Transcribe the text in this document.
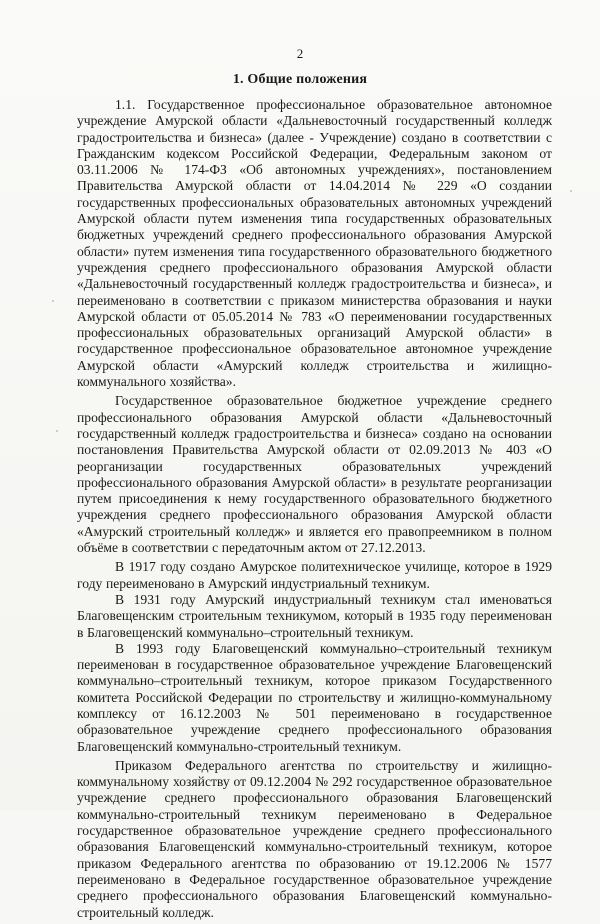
2
1. Общие положения

1.1. Государственное профессиональное образовательное автономное учреждение Амурской области «Дальневосточный государственный колледж градостроительства и бизнеса» (далее - Учреждение) создано в соответствии с Гражданским кодексом Российской Федерации, Федеральным законом от 03.11.2006 № 174-ФЗ «Об автономных учреждениях», постановлением Правительства Амурской области от 14.04.2014 № 229 «О создании государственных профессиональных образовательных автономных учреждений Амурской области путем изменения типа государственных образовательных бюджетных учреждений среднего профессионального образования Амурской области» путем изменения типа государственного образовательного бюджетного учреждения среднего профессионального образования Амурской области «Дальневосточный государственный колледж градостроительства и бизнеса», и переименовано в соответствии с приказом министерства образования и науки Амурской области от 05.05.2014 № 783 «О переименовании государственных профессиональных образовательных организаций Амурской области» в государственное профессиональное образовательное автономное учреждение Амурской области «Амурский колледж строительства и жилищно-коммунального хозяйства».

Государственное образовательное бюджетное учреждение среднего профессионального образования Амурской области «Дальневосточный государственный колледж градостроительства и бизнеса» создано на основании постановления Правительства Амурской области от 02.09.2013 № 403 «О реорганизации государственных образовательных учреждений профессионального образования Амурской области» в результате реорганизации путем присоединения к нему государственного образовательного бюджетного учреждения среднего профессионального образования Амурской области «Амурский строительный колледж» и является его правопреемником в полном объёме в соответствии с передаточным актом от 27.12.2013.

В 1917 году создано Амурское политехническое училище, которое в 1929 году переименовано в Амурский индустриальный техникум.

В 1931 году Амурский индустриальный техникум стал именоваться Благовещенским строительным техникумом, который в 1935 году переименован в Благовещенский коммунально–строительный техникум.

В 1993 году Благовещенский коммунально–строительный техникум переименован в государственное образовательное учреждение Благовещенский коммунально–строительный техникум, которое приказом Государственного комитета Российской Федерации по строительству и жилищно-коммунальному комплексу от 16.12.2003 № 501 переименовано в государственное образовательное учреждение среднего профессионального образования Благовещенский коммунально-строительный техникум.

Приказом Федерального агентства по строительству и жилищно-коммунальному хозяйству от 09.12.2004 № 292 государственное образовательное учреждение среднего профессионального образования Благовещенский коммунально-строительный техникум переименовано в Федеральное государственное образовательное учреждение среднего профессионального образования Благовещенский коммунально-строительный техникум, которое приказом Федерального агентства по образованию от 19.12.2006 № 1577 переименовано в Федеральное государственное образовательное учреждение среднего профессионального образования Благовещенский коммунально-строительный колледж.
